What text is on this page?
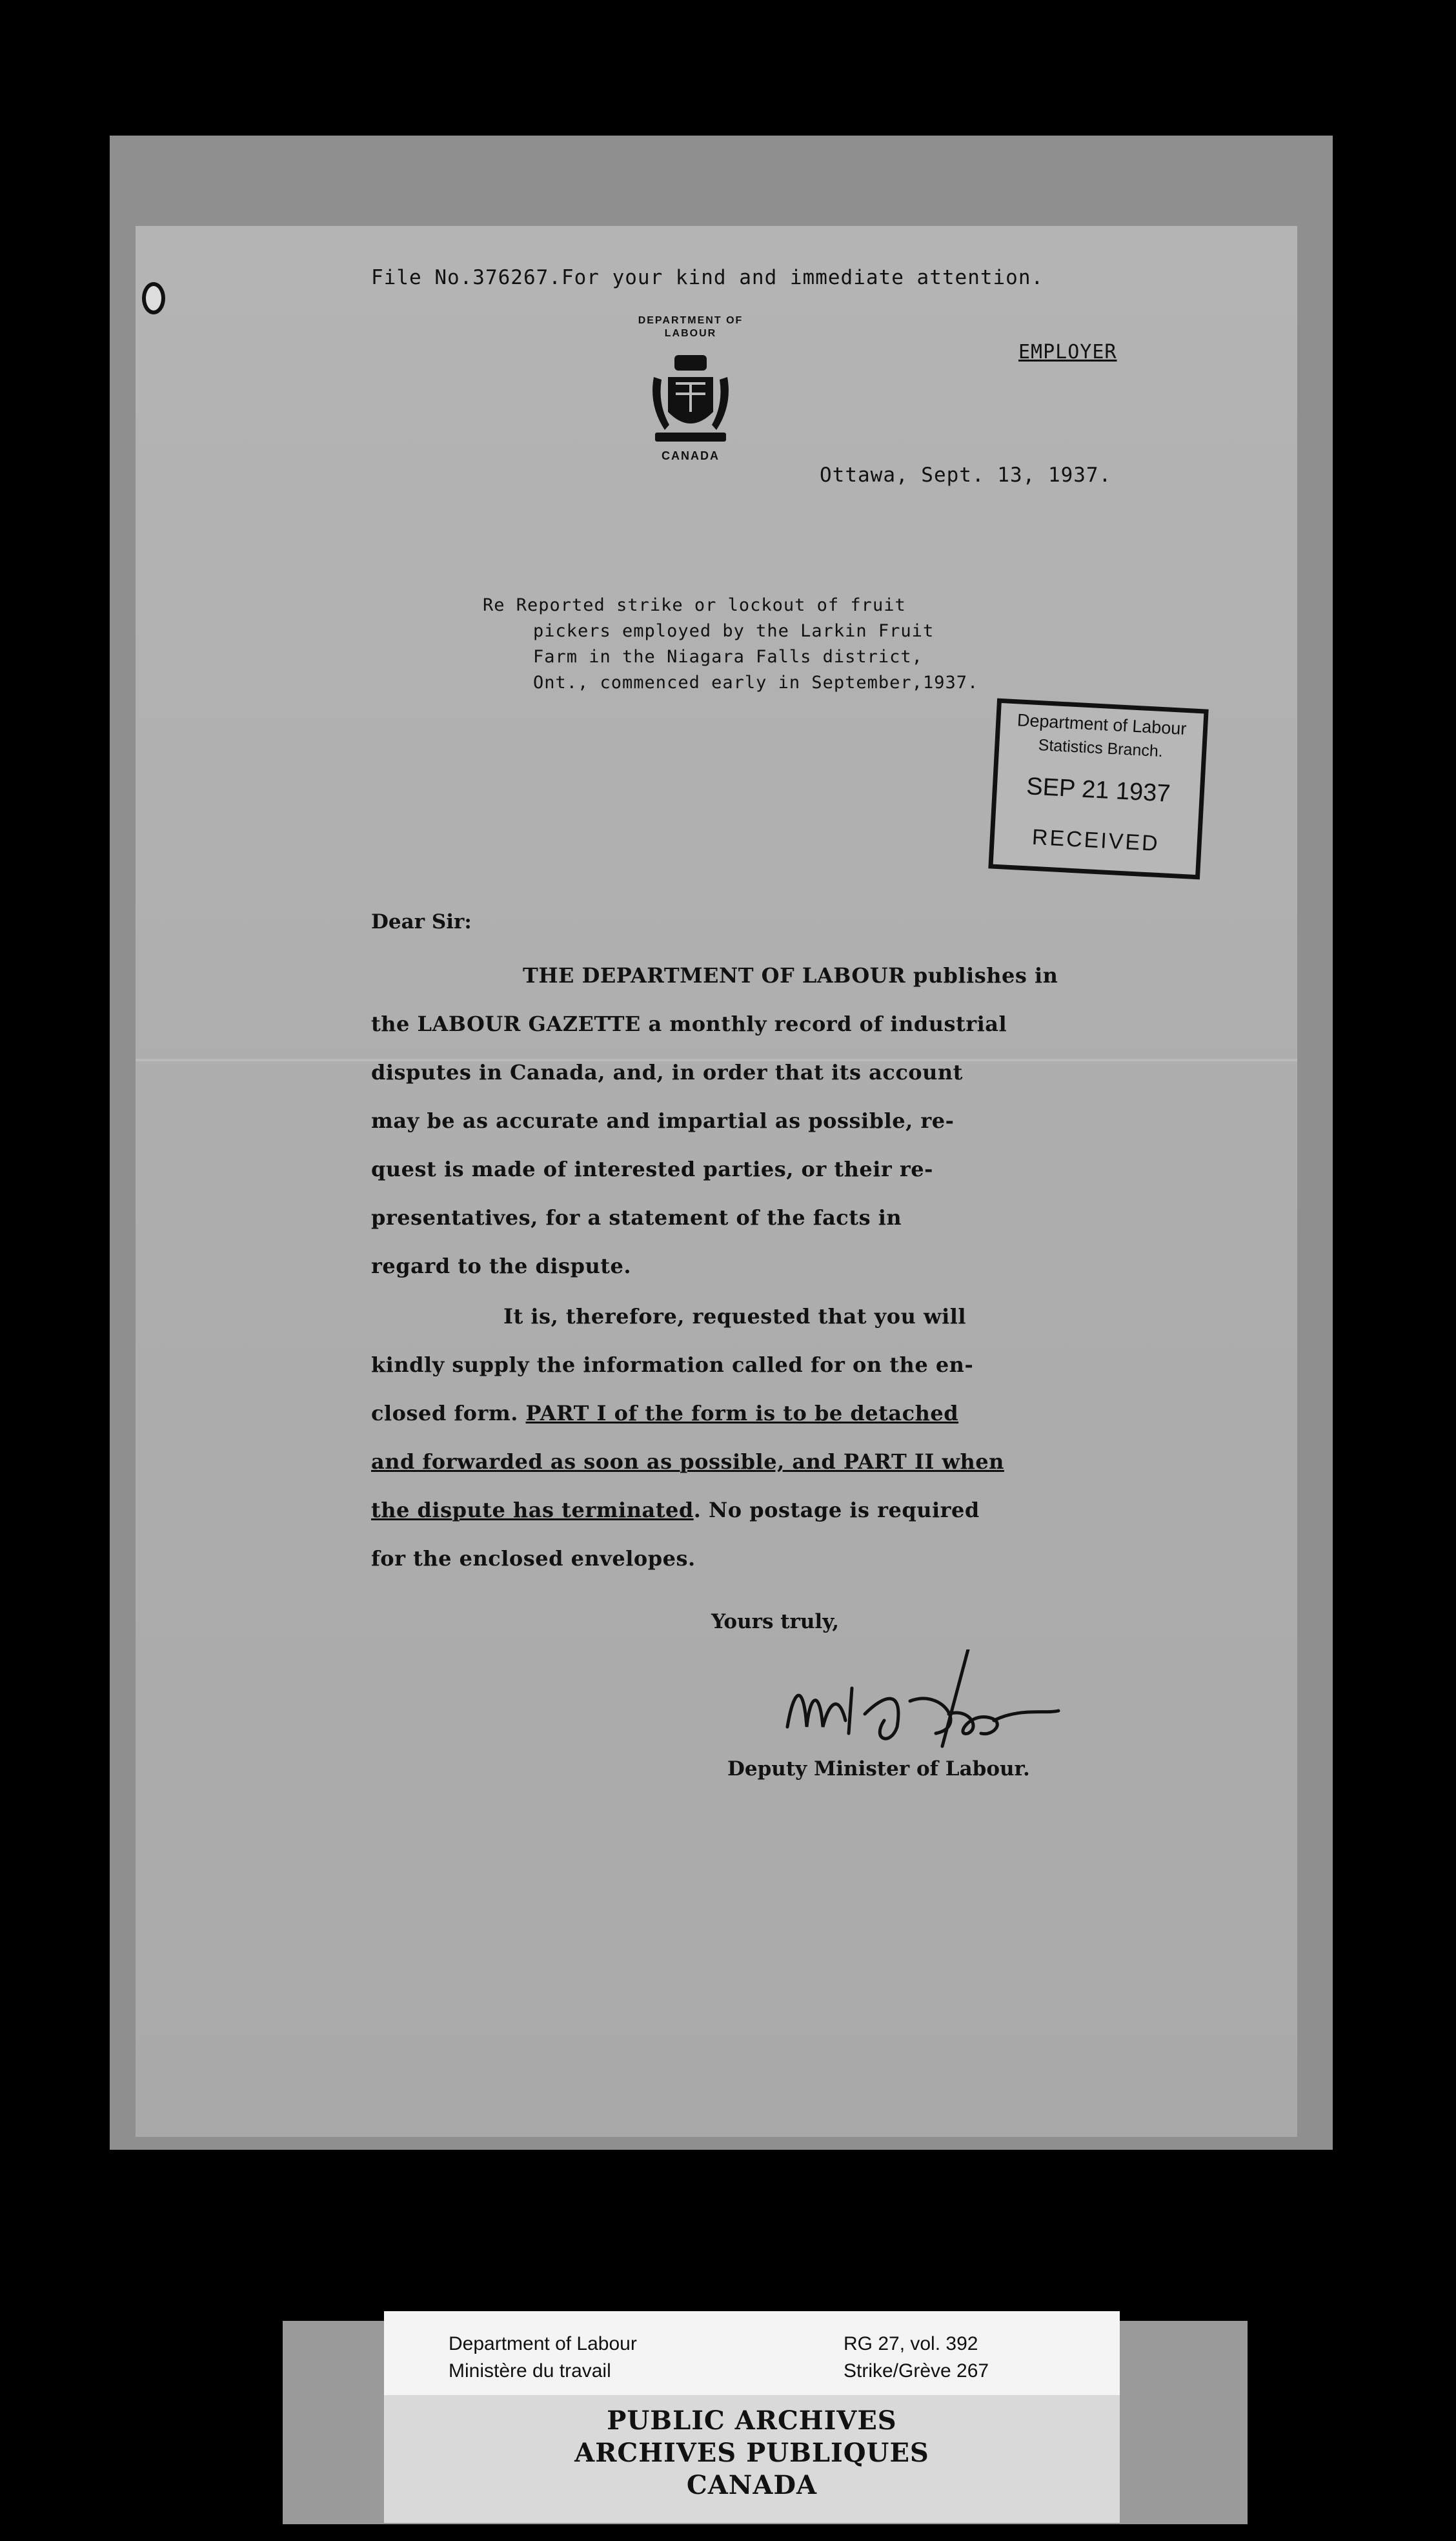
File No.376267.For your kind and immediate attention.
EMPLOYER
DEPARTMENT OF
LABOUR
CANADA
Ottawa, Sept. 13, 1937.
Re Reported strike or lockout of fruit
pickers employed by the Larkin Fruit
Farm in the Niagara Falls district,
Ont., commenced early in September,1937.
Department of Labour
Statistics Branch.
SEP 21 1937
RECEIVED
Dear Sir:
THE DEPARTMENT OF LABOUR publishes in
the LABOUR GAZETTE a monthly record of industrial
disputes in Canada, and, in order that its account
may be as accurate and impartial as possible, re-
quest is made of interested parties, or their re-
presentatives, for a statement of the facts in
regard to the dispute.
It is, therefore, requested that you will
kindly supply the information called for on the en-
closed form. PART I of the form is to be detached
and forwarded as soon as possible, and PART II when
the dispute has terminated. No postage is required
for the enclosed envelopes.
Yours truly,
Deputy Minister of Labour.
Department of Labour
Ministère du travail
RG 27, vol. 392
Strike/Grève 267
PUBLIC ARCHIVES
ARCHIVES PUBLIQUES
CANADA
